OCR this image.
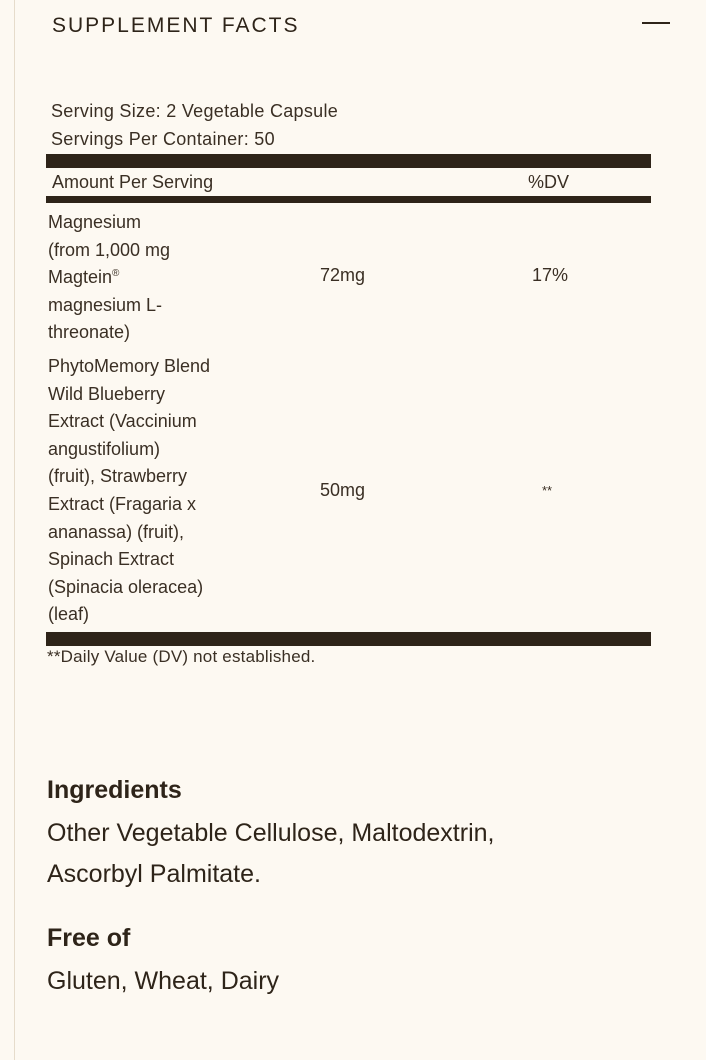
SUPPLEMENT FACTS
Serving Size: 2 Vegetable Capsule
Servings Per Container: 50
Amount Per Serving	%DV
Magnesium
(from 1,000 mg
Magtein®
magnesium L-
threonate)
72mg	17%
PhytoMemory Blend
Wild Blueberry
Extract (Vaccinium
angustifolium)
(fruit), Strawberry
Extract (Fragaria x
ananassa) (fruit),
Spinach Extract
(Spinacia oleracea)
(leaf)
50mg	**
**Daily Value (DV) not established.
Ingredients
Other Vegetable Cellulose, Maltodextrin,
Ascorbyl Palmitate.
Free of
Gluten, Wheat, Dairy
